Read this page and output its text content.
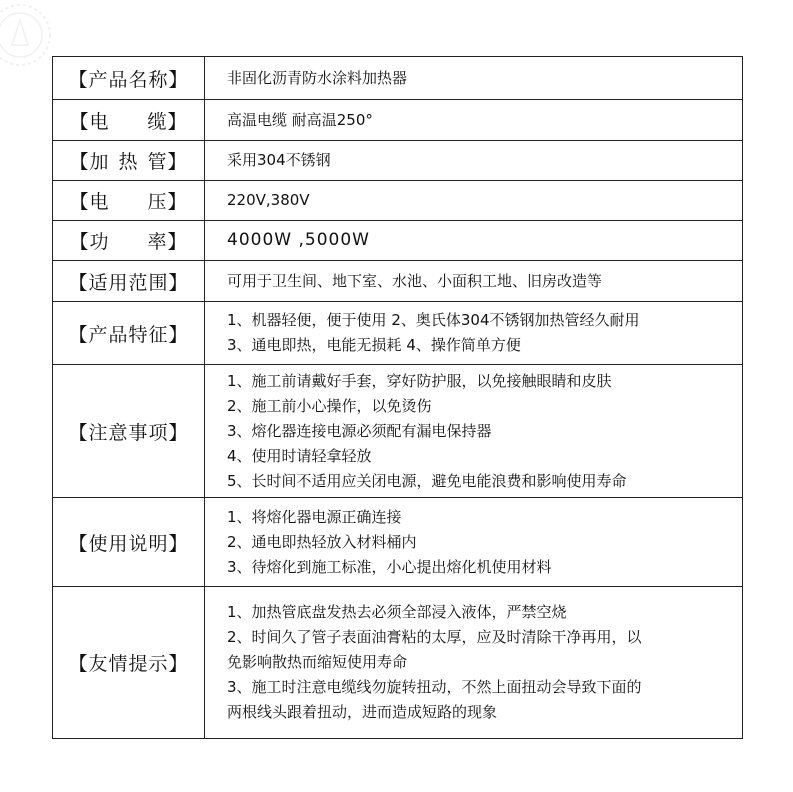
【产品名称】	非固化沥青防水涂料加热器

【电 缆】	高温电缆 耐高温250°

【加 热 管】	采用304不锈钢

【电 压】	220V,380V

【功 率】	4000W ,5000W

【适用范围】	可用于卫生间、地下室、水池、小面积工地、旧房改造等

【产品特征】	1、机器轻便，便于使用 2、奥氏体304不锈钢加热管经久耐用
3、通电即热，电能无损耗 4、操作简单方便

【注意事项】	1、施工前请戴好手套，穿好防护服，以免接触眼睛和皮肤
2、施工前小心操作，以免烫伤
3、熔化器连接电源必须配有漏电保持器
4、使用时请轻拿轻放
5、长时间不适用应关闭电源，避免电能浪费和影响使用寿命

【使用说明】	1、将熔化器电源正确连接
2、通电即热轻放入材料桶内
3、待熔化到施工标准，小心提出熔化机使用材料

【友情提示】	1、加热管底盘发热去必须全部浸入液体，严禁空烧
2、时间久了管子表面油膏粘的太厚，应及时清除干净再用，以
免影响散热而缩短使用寿命
3、施工时注意电缆线勿旋转扭动，不然上面扭动会导致下面的
两根线头跟着扭动，进而造成短路的现象
